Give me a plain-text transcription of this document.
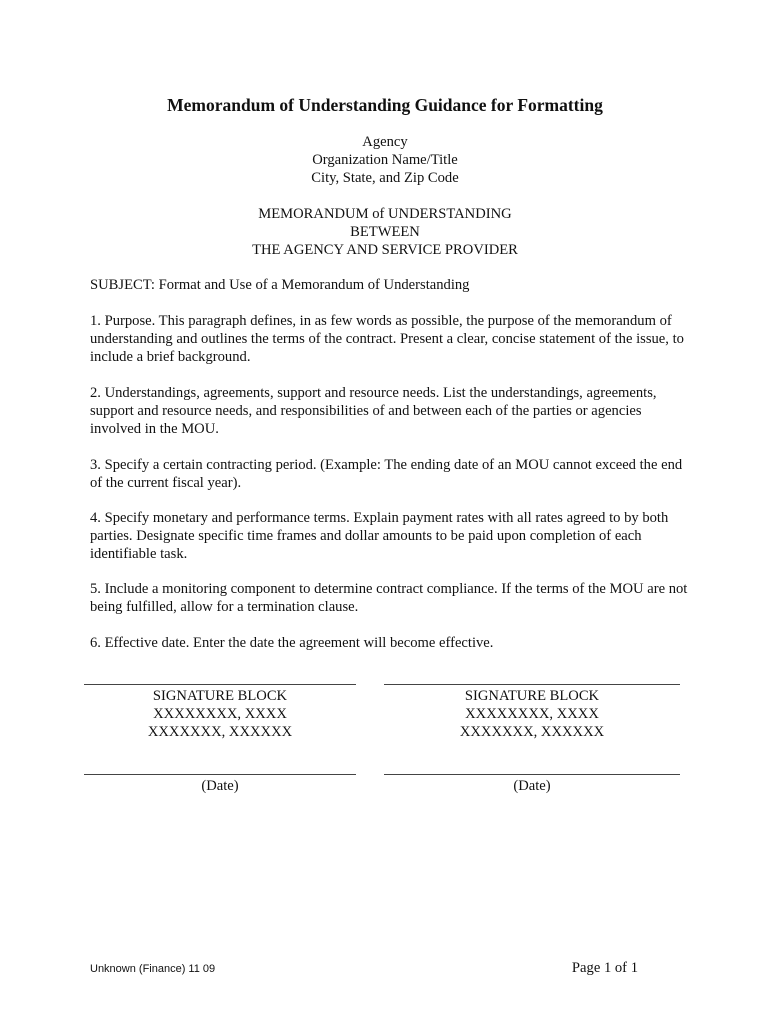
Memorandum of Understanding Guidance for Formatting

Agency

Organization Name/Title

City, State, and Zip Code

MEMORANDUM of UNDERSTANDING

BETWEEN

THE AGENCY AND SERVICE PROVIDER

SUBJECT: Format and Use of a Memorandum of Understanding
1. Purpose. This paragraph defines, in as few words as possible, the purpose of the memorandum of understanding and outlines the terms of the contract. Present a clear, concise statement of the issue, to include a brief background.
2. Understandings, agreements, support and resource needs. List the understandings, agreements, support and resource needs, and responsibilities of and between each of the parties or agencies involved in the MOU.
3. Specify a certain contracting period. (Example: The ending date of an MOU cannot exceed the end of the current fiscal year).
4. Specify monetary and performance terms. Explain payment rates with all rates agreed to by both parties. Designate specific time frames and dollar amounts to be paid upon completion of each identifiable task.
5. Include a monitoring component to determine contract compliance. If the terms of the MOU are not being fulfilled, allow for a termination clause.
6. Effective date. Enter the date the agreement will become effective.

SIGNATURE BLOCK

XXXXXXXX, XXXX

XXXXXXX, XXXXXX

SIGNATURE BLOCK

XXXXXXXX, XXXX

XXXXXXX, XXXXXX

(Date)	(Date)
Unknown (Finance) 11 09	Page 1 of 1
